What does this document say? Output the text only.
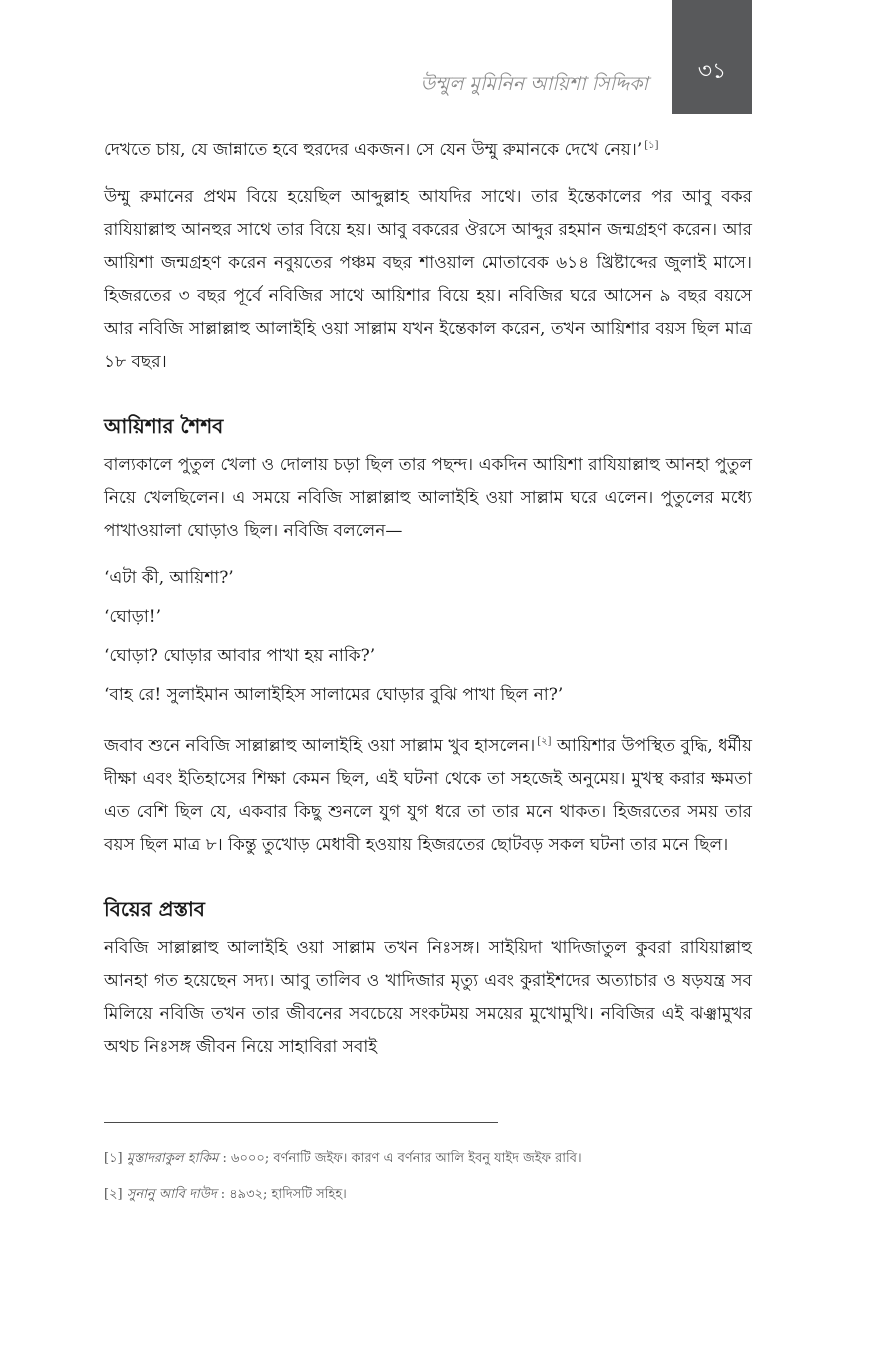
৩১
উম্মুল মুমিনিন আয়িশা সিদ্দিকা

দেখতে চায়, যে জান্নাতে হবে হুরদের একজন। সে যেন উম্মু রুমানকে দেখে নেয়।’ [১]

উম্মু রুমানের প্রথম বিয়ে হয়েছিল আব্দুল্লাহ আযদির সাথে। তার ইন্তেকালের পর আবু বকর রাযিয়াল্লাহু আনহুর সাথে তার বিয়ে হয়। আবু বকরের ঔরসে আব্দুর রহমান জন্মগ্রহণ করেন। আর আয়িশা জন্মগ্রহণ করেন নবুয়তের পঞ্চম বছর শাওয়াল মোতাবেক ৬১৪ খ্রিষ্টাব্দের জুলাই মাসে। হিজরতের ৩ বছর পূর্বে নবিজির সাথে আয়িশার বিয়ে হয়। নবিজির ঘরে আসেন ৯ বছর বয়সে আর নবিজি সাল্লাল্লাহু আলাইহি ওয়া সাল্লাম যখন ইন্তেকাল করেন, তখন আয়িশার বয়স ছিল মাত্র ১৮ বছর।

আয়িশার শৈশব

বাল্যকালে পুতুল খেলা ও দোলায় চড়া ছিল তার পছন্দ। একদিন আয়িশা রাযিয়াল্লাহু আনহা পুতুল নিয়ে খেলছিলেন। এ সময়ে নবিজি সাল্লাল্লাহু আলাইহি ওয়া সাল্লাম ঘরে এলেন। পুতুলের মধ্যে পাখাওয়ালা ঘোড়াও ছিল। নবিজি বললেন—

‘এটা কী, আয়িশা?’
‘ঘোড়া!’
‘ঘোড়া? ঘোড়ার আবার পাখা হয় নাকি?’
‘বাহ রে! সুলাইমান আলাইহিস সালামের ঘোড়ার বুঝি পাখা ছিল না?’

জবাব শুনে নবিজি সাল্লাল্লাহু আলাইহি ওয়া সাল্লাম খুব হাসলেন। [২] আয়িশার উপস্থিত বুদ্ধি, ধর্মীয় দীক্ষা এবং ইতিহাসের শিক্ষা কেমন ছিল, এই ঘটনা থেকে তা সহজেই অনুমেয়। মুখস্থ করার ক্ষমতা এত বেশি ছিল যে, একবার কিছু শুনলে যুগ যুগ ধরে তা তার মনে থাকত। হিজরতের সময় তার বয়স ছিল মাত্র ৮। কিন্তু তুখোড় মেধাবী হওয়ায় হিজরতের ছোটবড় সকল ঘটনা তার মনে ছিল।

বিয়ের প্রস্তাব

নবিজি সাল্লাল্লাহু আলাইহি ওয়া সাল্লাম তখন নিঃসঙ্গ। সাইয়িদা খাদিজাতুল কুবরা রাযিয়াল্লাহু আনহা গত হয়েছেন সদ্য। আবু তালিব ও খাদিজার মৃত্যু এবং কুরাইশদের অত্যাচার ও ষড়যন্ত্র সব মিলিয়ে নবিজি তখন তার জীবনের সবচেয়ে সংকটময় সময়ের মুখোমুখি। নবিজির এই ঝঞ্ঝামুখর অথচ নিঃসঙ্গ জীবন নিয়ে সাহাবিরা সবাই

[১] মুস্তাদরাকুল হাকিম : ৬০০০; বর্ণনাটি জইফ। কারণ এ বর্ণনার আলি ইবনু যাইদ জইফ রাবি।

[২] সুনানু আবি দাউদ : ৪৯৩২; হাদিসটি সহিহ।
